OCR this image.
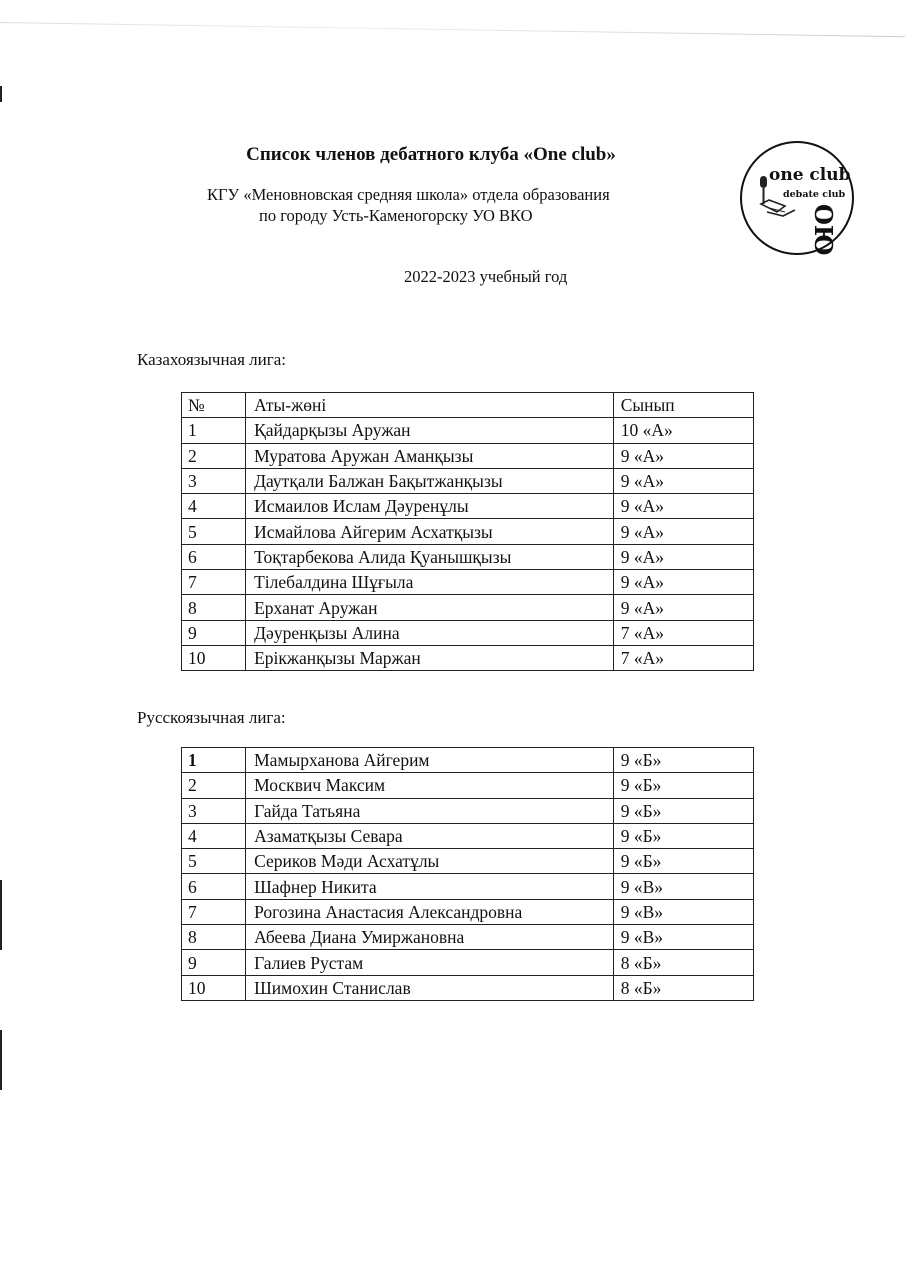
Список членов дебатного клуба «One club»
КГУ «Меновновская средняя школа» отдела образования
по городу Усть-Каменогорску УО ВКО
2022-2023 учебный год
one club
debate club
ОЮ
Казахоязычная лига:
№	Аты-жөні	Сынып
1	Қайдарқызы Аружан	10 «А»
2	Муратова Аружан Аманқызы	9 «А»
3	Даутқали Балжан Бақытжанқызы	9 «А»
4	Исмаилов Ислам Дәуренұлы	9 «А»
5	Исмайлова Айгерим Асхатқызы	9 «А»
6	Тоқтарбекова Алида Қуанышқызы	9 «А»
7	Тілебалдина Шұғыла	9 «А»
8	Ерханат Аружан	9 «А»
9	Дәуренқызы Алина	7 «А»
10	Ерікжанқызы Маржан	7 «А»
Русскоязычная лига:
1	Мамырханова Айгерим	9 «Б»
2	Москвич Максим	9 «Б»
3	Гайда Татьяна	9 «Б»
4	Азаматқызы Севара	9 «Б»
5	Сериков Мәди Асхатұлы	9 «Б»
6	Шафнер Никита	9 «В»
7	Рогозина Анастасия Александровна	9 «В»
8	Абеева Диана Умиржановна	9 «В»
9	Галиев Рустам	8 «Б»
10	Шимохин Станислав	8 «Б»
